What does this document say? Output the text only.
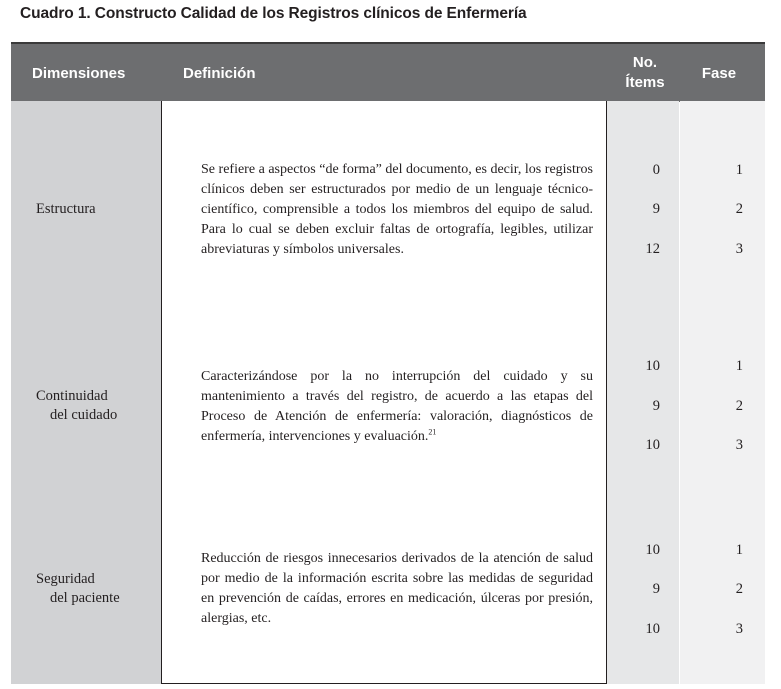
Cuadro 1. Constructo Calidad de los Registros clínicos de Enfermería
Dimensiones	Definición
No.
Ítems
Fase
Estructura
Se refiere a aspectos “de forma” del documento, es decir, los registros clínicos deben ser estructurados por medio de un lenguaje técnico-científico, comprensible a todos los miembros del equipo de salud. Para lo cual se deben excluir faltas de ortografía, legibles, utilizar abreviaturas y símbolos universales.
0
9
12
1
2
3
Continuidad
del cuidado
Caracterizándose por la no interrupción del cuidado y su mantenimiento a través del registro, de acuerdo a las etapas del Proceso de Atención de enfermería: valoración, diagnósticos de enfermería, intervenciones y evaluación.$^{21}$
10
9
10
1
2
3
Seguridad
del paciente
Reducción de riesgos innecesarios derivados de la atención de salud por medio de la información escrita sobre las medidas de seguridad en prevención de caídas, errores en medicación, úlceras por presión, alergias, etc.
10
9
10
1
2
3
